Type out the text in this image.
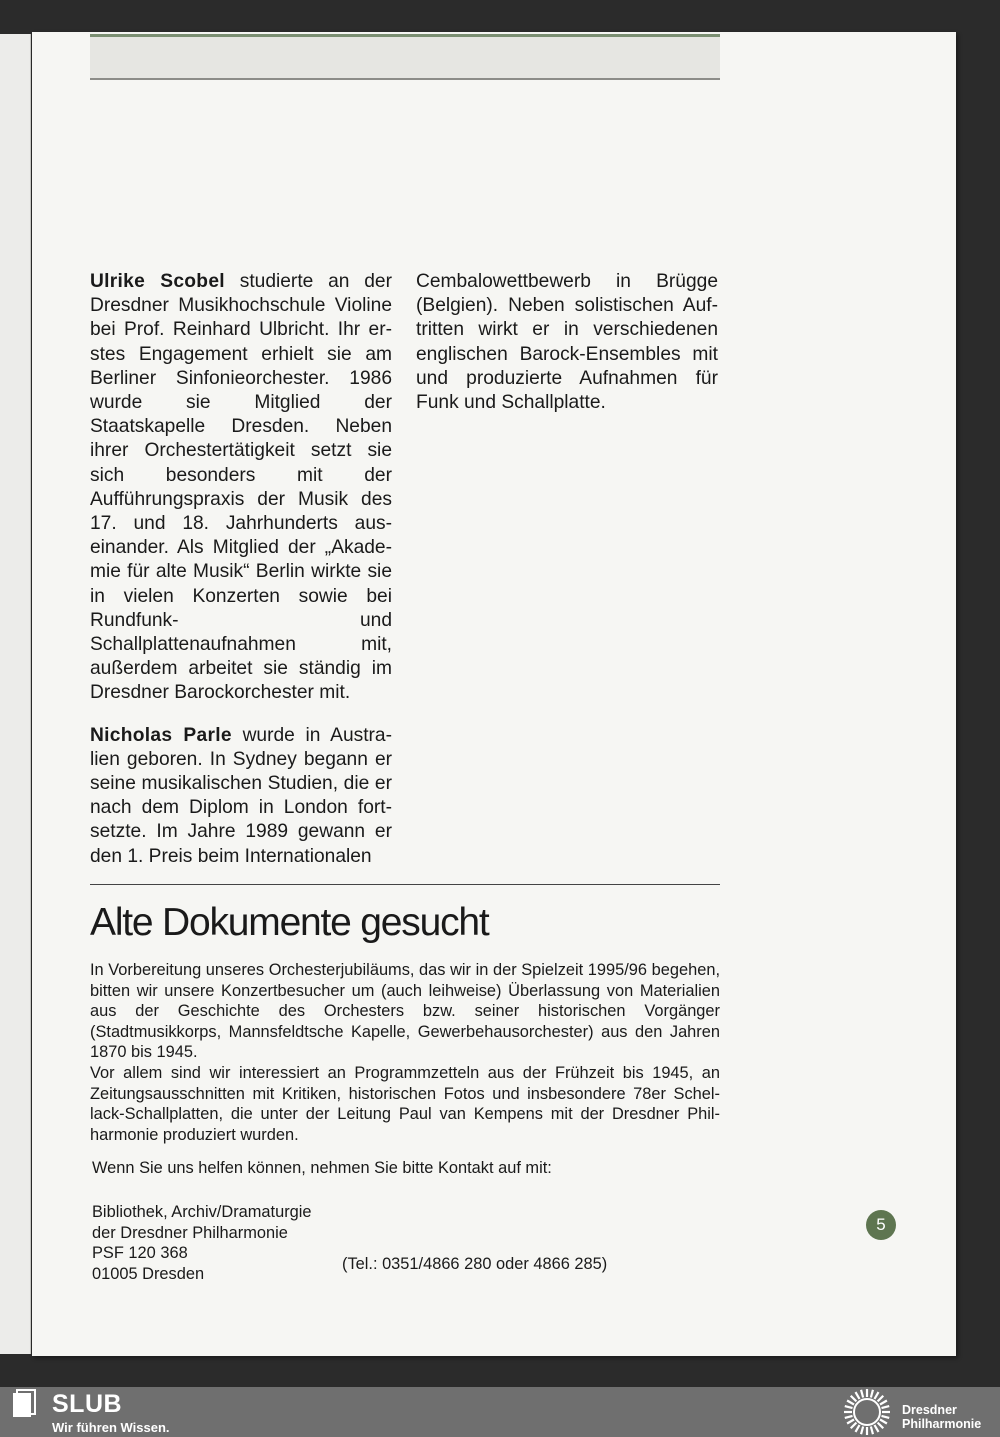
Ulrike Scobel studierte an der Dresdner Musikhochschule Violine bei Prof. Reinhard Ulbricht. Ihr erstes Engagement erhielt sie am Berliner Sinfonieorchester. 1986 wurde sie Mitglied der Staatskapelle Dresden. Neben ihrer Orchestertätigkeit setzt sie sich besonders mit der Aufführungspraxis der Musik des 17. und 18. Jahrhunderts auseinander. Als Mitglied der „Akademie für alte Musik“ Berlin wirkte sie in vielen Konzerten sowie bei Rundfunk- und Schallplattenaufnahmen mit, außerdem arbeitet sie ständig im Dresdner Barockorchester mit.

Nicholas Parle wurde in Australien geboren. In Sydney begann er seine musikalischen Studien, die er nach dem Diplom in London fortsetzte. Im Jahre 1989 gewann er den 1. Preis beim Internationalen

Cembalowettbewerb in Brügge (Belgien). Neben solistischen Auftritten wirkt er in verschiedenen englischen Barock-Ensembles mit und produzierte Aufnahmen für Funk und Schallplatte.

Alte Dokumente gesucht

In Vorbereitung unseres Orchesterjubiläums, das wir in der Spielzeit 1995/96 begehen, bitten wir unsere Konzertbesucher um (auch leihweise) Überlassung von Materialien aus der Geschichte des Orchesters bzw. seiner historischen Vorgänger (Stadtmusikkorps, Mannsfeldtsche Kapelle, Gewerbehausorchester) aus den Jahren 1870 bis 1945.

Vor allem sind wir interessiert an Programmzetteln aus der Frühzeit bis 1945, an Zeitungsausschnitten mit Kritiken, historischen Fotos und insbesondere 78er Schellack-Schallplatten, die unter der Leitung Paul van Kempens mit der Dresdner Philharmonie produziert wurden.

Wenn Sie uns helfen können, nehmen Sie bitte Kontakt auf mit:
Bibliothek, Archiv/Dramaturgie
der Dresdner Philharmonie
PSF 120 368
01005 Dresden
(Tel.: 0351/4866 280 oder 4866 285)
5
SLUB
Wir führen Wissen.
Dresdner
Philharmonie
